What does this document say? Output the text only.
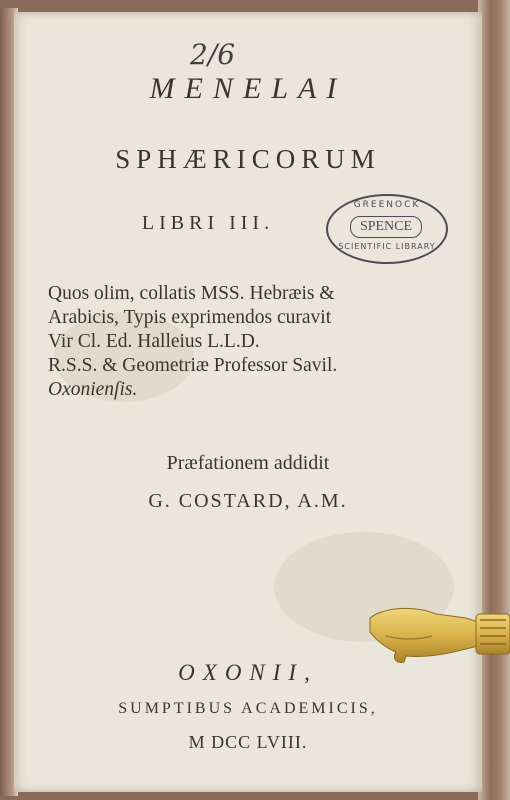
2/6
MENELAI
SPHÆRICORUM
LIBRI III.
GREENOCK
SPENCE
SCIENTIFIC LIBRARY
Quos olim, collatis MSS. Hebræis &
Arabicis, Typis exprimendos curavit
Vir Cl. Ed. Halleius L.L.D.
R.S.S. & Geometriæ Professor Savil.
Oxonienſis.
Præfationem addidit
G. COSTARD, A.M.
OXONII,
SUMPTIBUS ACADEMICIS,
M DCC LVIII.
